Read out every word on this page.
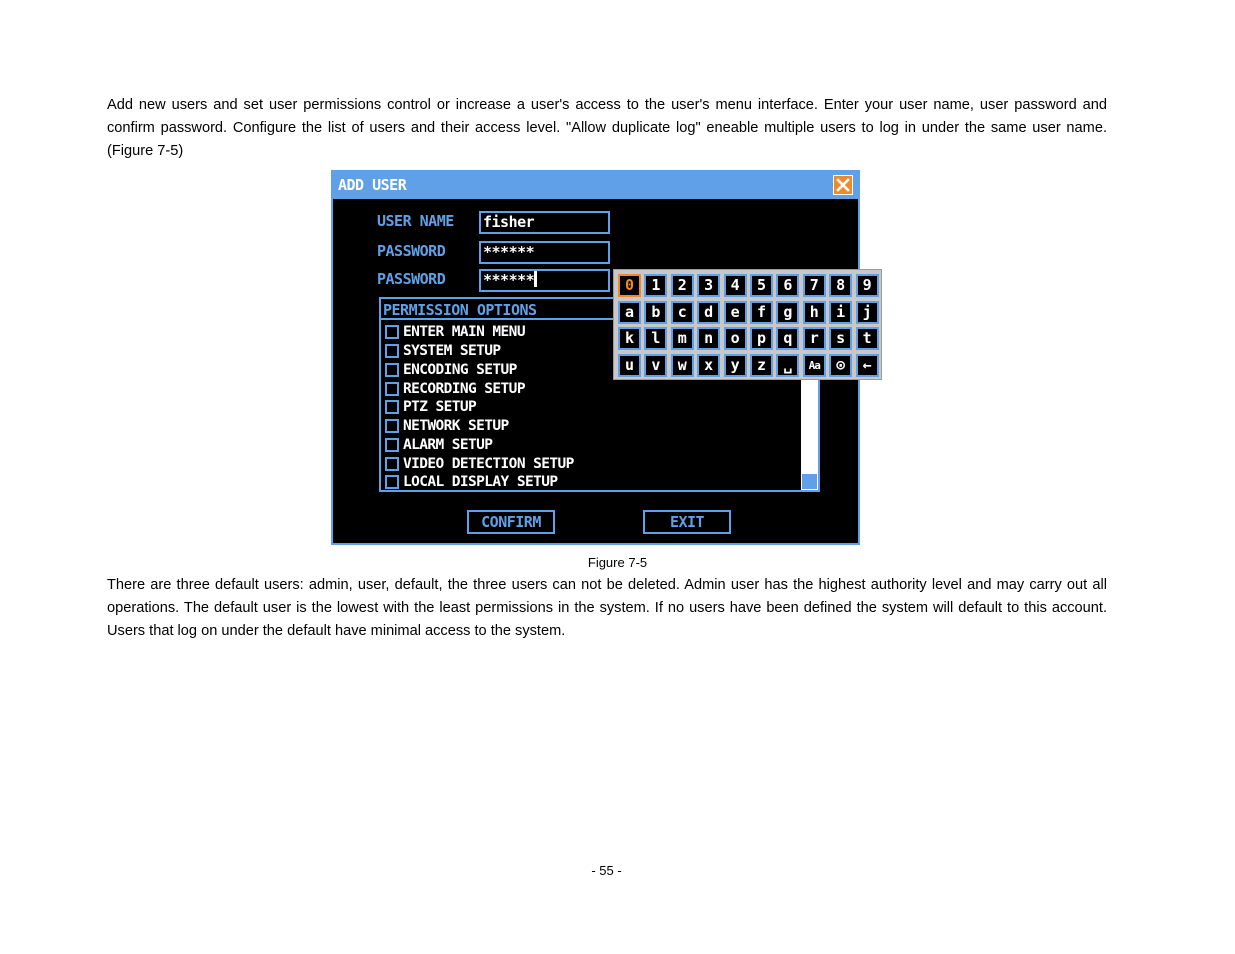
Add new users and set user permissions control or increase a user's access to the user's menu interface. Enter your user name, user password and confirm password. Configure the list of users and their access level. "Allow duplicate log" eneable multiple users to log in under the same user name. (Figure 7-5)

ADD USER
USER NAME fisher
PASSWORD	******
PASSWORD	******
PERMISSION OPTIONS
ENTER MAIN MENU
SYSTEM SETUP
ENCODING SETUP
RECORDING SETUP
PTZ SETUP
NETWORK SETUP
ALARM SETUP
VIDEO DETECTION SETUP
LOCAL DISPLAY SETUP
CONFIRM	EXIT
0	1	2	3	4	5	6	7	8	9
a	b	c	d	e	f	g	h	i	j
k	l	m	n	o	p	q	r	s	t
u	v	w	x	y	z	␣	Aa	⊙	←

Figure 7-5

There are three default users: admin, user, default, the three users can not be deleted. Admin user has the highest authority level and may carry out all operations. The default user is the lowest with the least permissions in the system. If no users have been defined the system will default to this account. Users that log on under the default have minimal access to the system.

- 55 -
